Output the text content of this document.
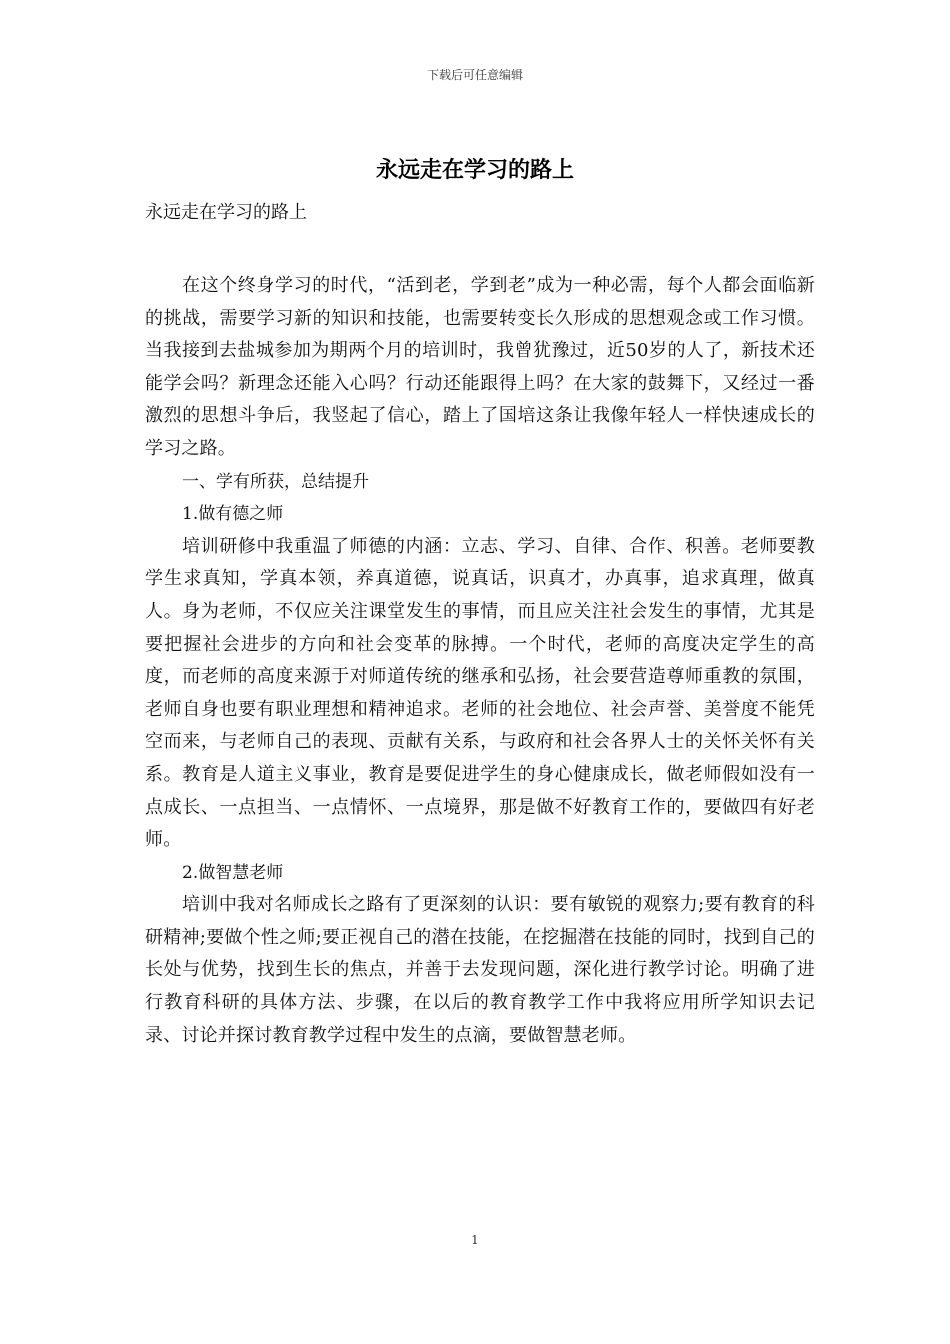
下载后可任意编辑
永远走在学习的路上
永远走在学习的路上

在这个终身学习的时代，“活到老，学到老”成为一种必需，每个人都会面临新的挑战，需要学习新的知识和技能，也需要转变长久形成的思想观念或工作习惯。当我接到去盐城参加为期两个月的培训时，我曾犹豫过，近50岁的人了，新技术还能学会吗？新理念还能入心吗？行动还能跟得上吗？在大家的鼓舞下，又经过一番激烈的思想斗争后，我竖起了信心，踏上了国培这条让我像年轻人一样快速成长的学习之路。

一、学有所获，总结提升

1.做有德之师

培训研修中我重温了师德的内涵：立志、学习、自律、合作、积善。老师要教学生求真知，学真本领，养真道德，说真话，识真才，办真事，追求真理，做真人。身为老师，不仅应关注课堂发生的事情，而且应关注社会发生的事情，尤其是要把握社会进步的方向和社会变革的脉搏。一个时代，老师的高度决定学生的高度，而老师的高度来源于对师道传统的继承和弘扬，社会要营造尊师重教的氛围，老师自身也要有职业理想和精神追求。老师的社会地位、社会声誉、美誉度不能凭空而来，与老师自己的表现、贡献有关系，与政府和社会各界人士的关怀关怀有关系。教育是人道主义事业，教育是要促进学生的身心健康成长，做老师假如没有一点成长、一点担当、一点情怀、一点境界，那是做不好教育工作的，要做四有好老师。

2.做智慧老师

培训中我对名师成长之路有了更深刻的认识：要有敏锐的观察力;要有教育的科研精神;要做个性之师;要正视自己的潜在技能，在挖掘潜在技能的同时，找到自己的长处与优势，找到生长的焦点，并善于去发现问题，深化进行教学讨论。明确了进行教育科研的具体方法、步骤，在以后的教育教学工作中我将应用所学知识去记录、讨论并探讨教育教学过程中发生的点滴，要做智慧老师。

1
